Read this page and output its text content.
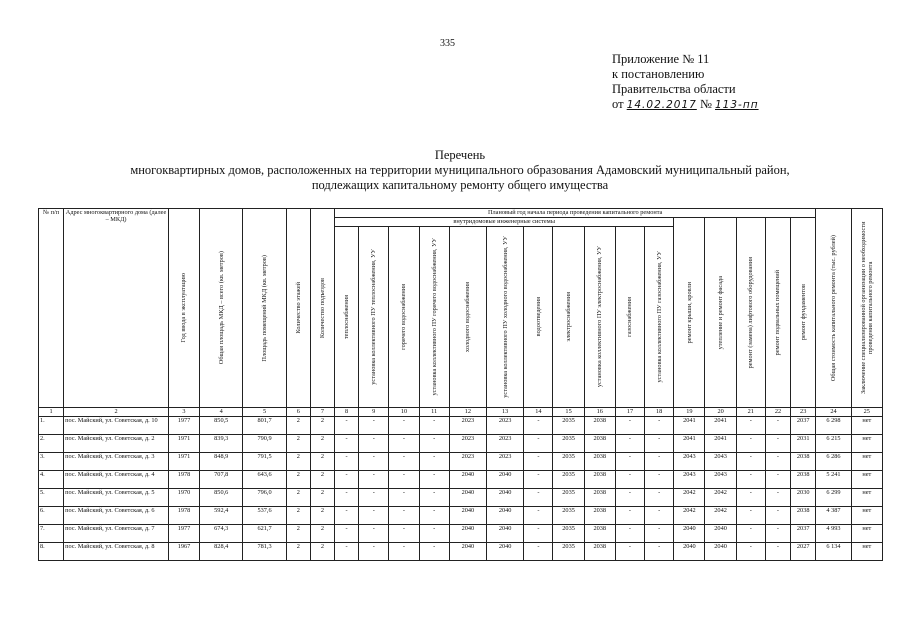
335
Приложение № 11
к постановлению
Правительства области
от 14.02.2017 № 113-пп
Перечень
многоквартирных домов, расположенных на территории муниципального образования Адамовский муниципальный район,
подлежащих капитальному ремонту общего имущества
№ п/п	Адрес многоквартирного дома (далее – МКД)	Год ввода в эксплуатацию	Общая площадь МКД – всего (кв. метров)	Площадь помещений МКД (кв. метров)	Количество этажей	Количество подъездов	Плановый год начала периода проведения капитального ремонта																Общая стоимость капитального ремонта (тыс. рублей)	Заключение специализированной организации о необходимости проведения капитального ремонта

							внутридомовые инженерные системы											ремонт крыши, кровли	утепление и ремонт фасада	ремонт (замена) лифтового оборудования	ремонт подвальных помещений	ремонт фундаментов		

							теплоснабжения	установка коллективного ПУ теплоснабжения, УУ	горячего водоснабжения	установка коллективного ПУ горячего водоснабжения, УУ	холодного водоснабжения	установка коллективного ПУ холодного водоснабжения, УУ	водоотведения	электроснабжения	установка коллективного ПУ электроснабжения, УУ	газоснабжения	установка коллективного ПУ газоснабжения, УУ							

1	2	3	4	5	6	7	8	9	10	11	12	13	14	15	16	17	18	19	20	21	22	23	24	25
1.	пос. Майский, ул. Советская, д. 10	1977	850,5	801,7	2	2	-	-	-	-	2023	2023	-	2035	2038	-	-	2041	2041	-	-	2037	6 298	нет
2.	пос. Майский, ул. Советская, д. 2	1971	839,3	790,9	2	2	-	-	-	-	2023	2023	-	2035	2038	-	-	2041	2041	-	-	2031	6 215	нет
3.	пос. Майский, ул. Советская, д. 3	1971	848,9	791,5	2	2	-	-	-	-	2023	2023	-	2035	2038	-	-	2043	2043	-	-	2038	6 286	нет
4.	пос. Майский, ул. Советская, д. 4	1978	707,8	643,6	2	2	-	-	-	-	2040	2040	-	2035	2038	-	-	2043	2043	-	-	2038	5 241	нет
5.	пос. Майский, ул. Советская, д. 5	1970	850,6	796,0	2	2	-	-	-	-	2040	2040	-	2035	2038	-	-	2042	2042	-	-	2030	6 299	нет
6.	пос. Майский, ул. Советская, д. 6	1978	592,4	537,6	2	2	-	-	-	-	2040	2040	-	2035	2038	-	-	2042	2042	-	-	2038	4 387	нет
7.	пос. Майский, ул. Советская, д. 7	1977	674,3	621,7	2	2	-	-	-	-	2040	2040	-	2035	2038	-	-	2040	2040	-	-	2037	4 993	нет
8.	пос. Майский, ул. Советская, д. 8	1967	828,4	781,3	2	2	-	-	-	-	2040	2040	-	2035	2038	-	-	2040	2040	-	-	2027	6 134	нет
